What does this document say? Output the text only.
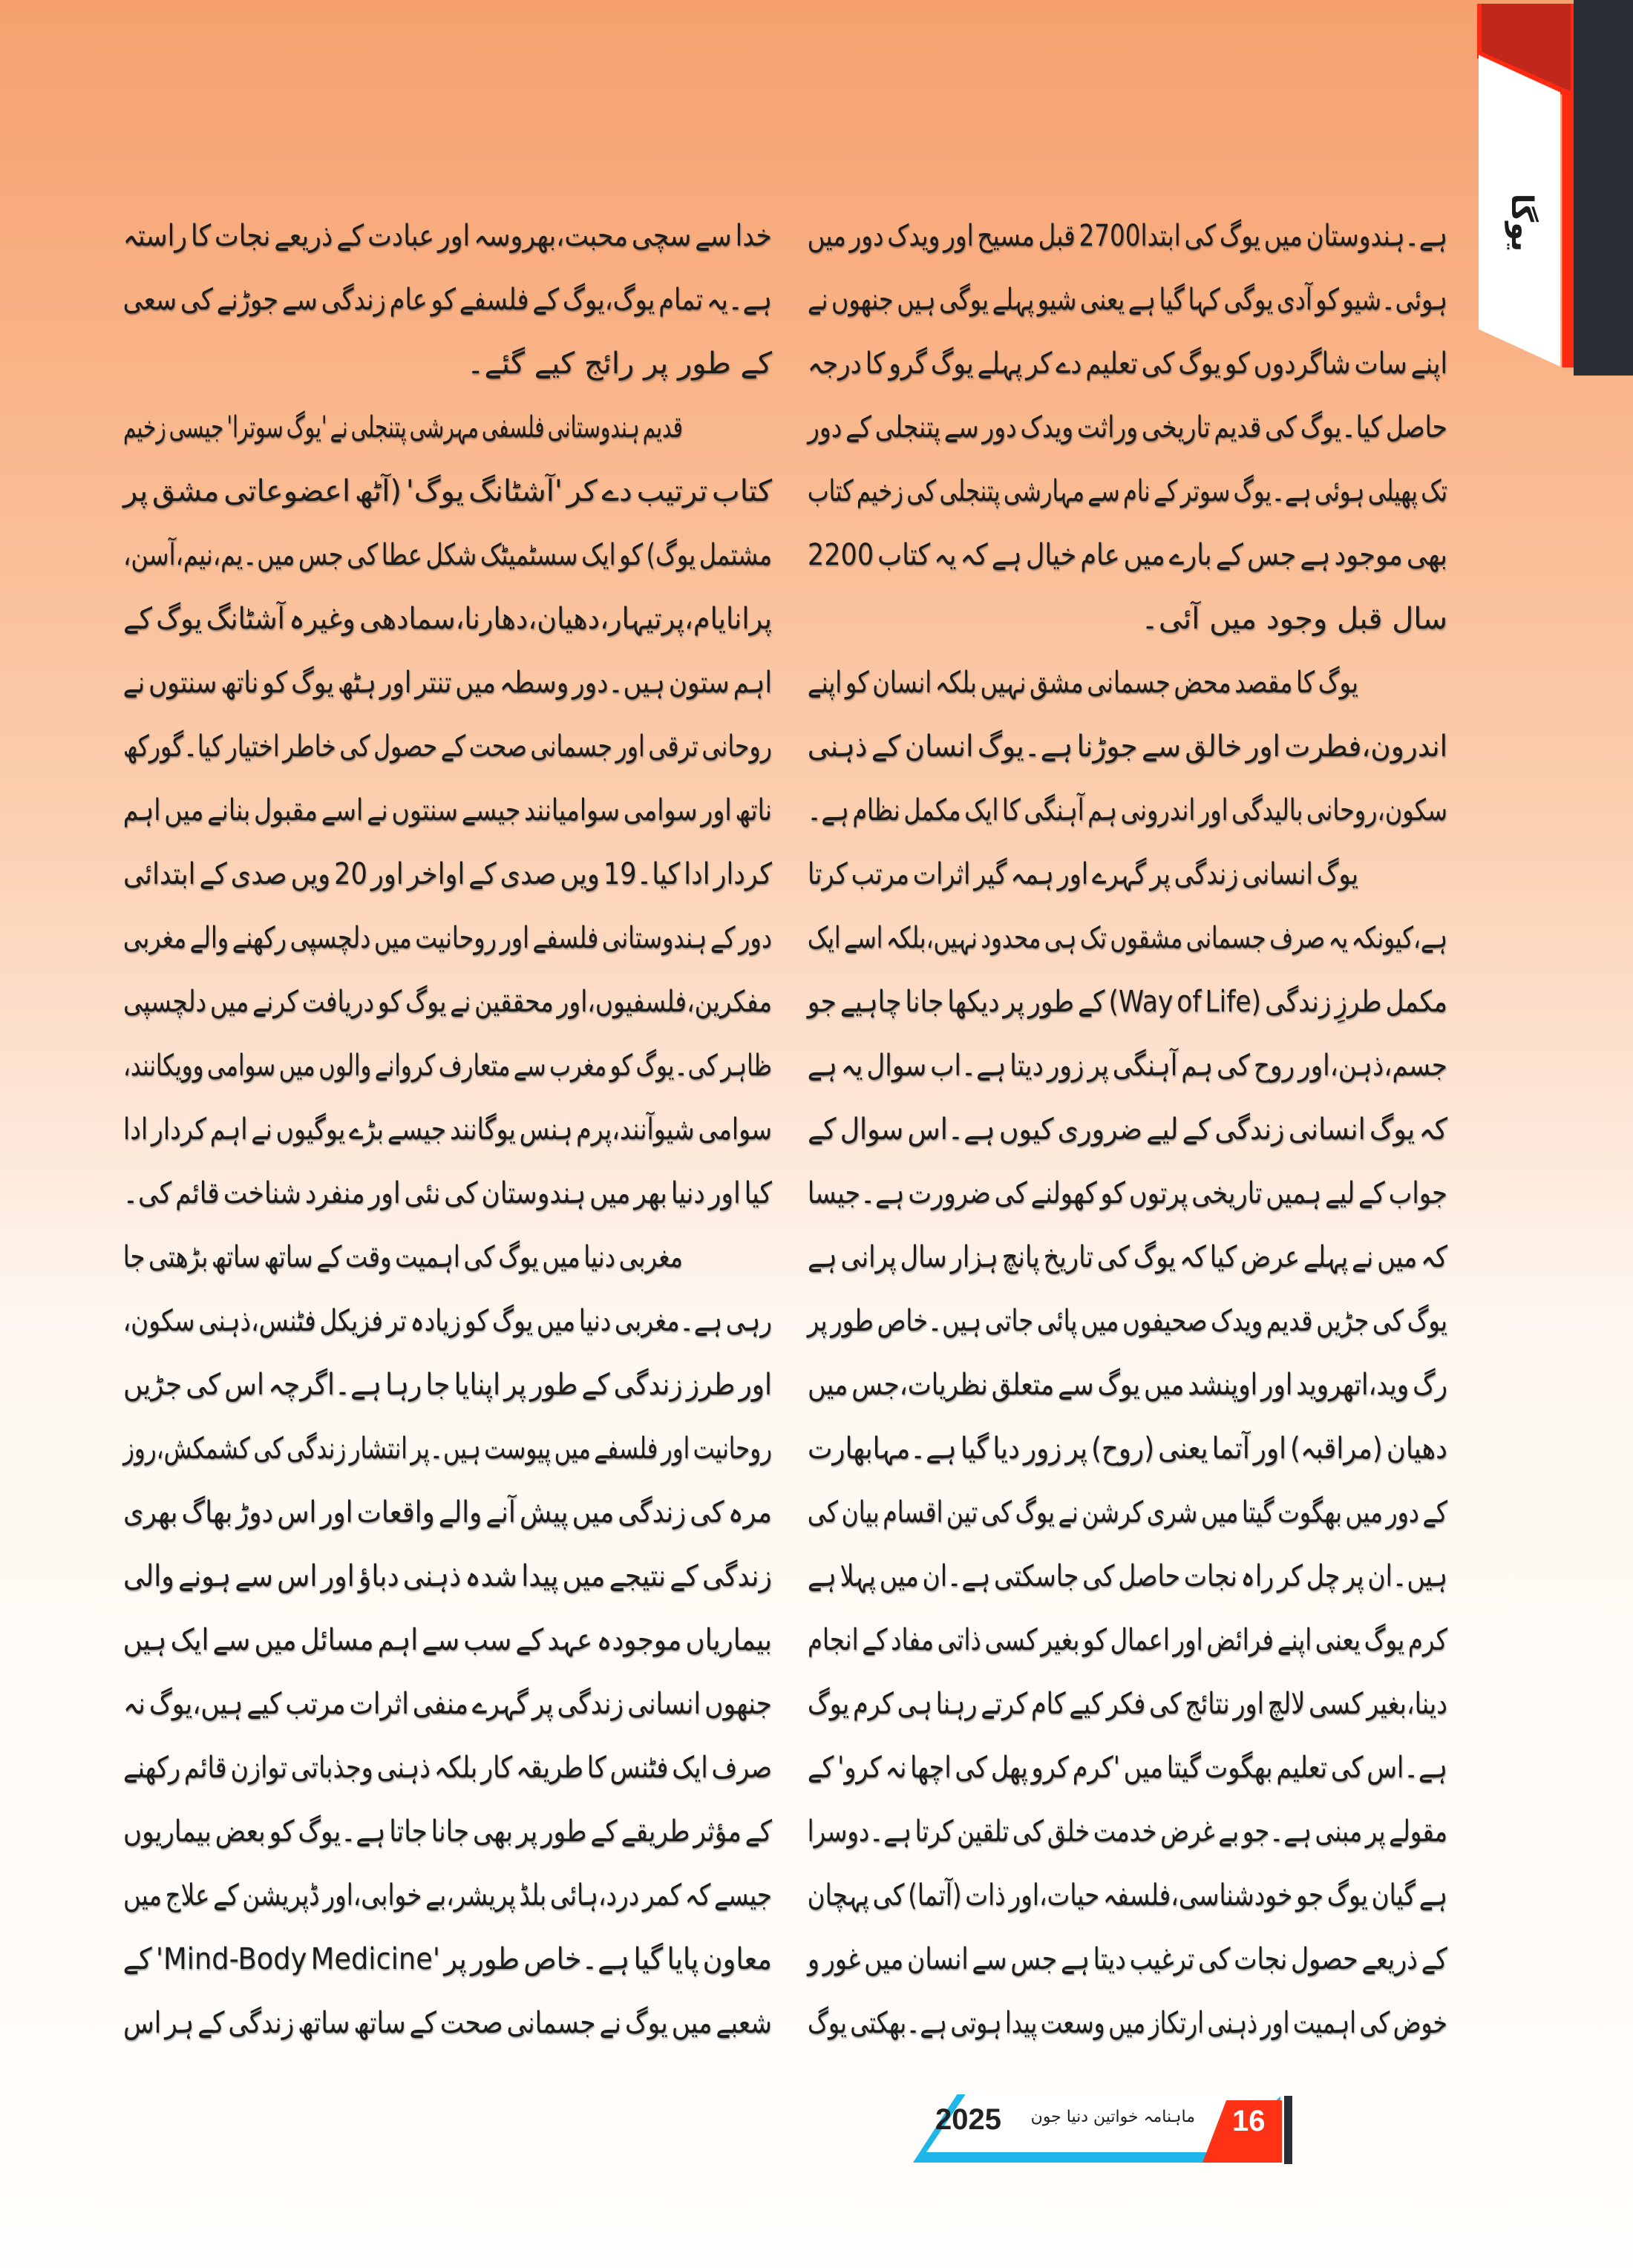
یوگا
ہے۔ہندوستان میں یوگ کی ابتدا2700 قبل مسیح اور ویدک دور میں
ہوئی۔شیو کو آدی یوگی کہا گیا ہے یعنی شیو پہلے یوگی ہیں جنھوں نے
اپنے سات شاگردوں کو یوگ کی تعلیم دے کر پہلے یوگ گرو کا درجہ
حاصل کیا۔یوگ کی قدیم تاریخی وراثت ویدک دور سے پتنجلی کے دور
تک پھیلی ہوئی ہے۔یوگ سوتر کے نام سے مہارشی پتنجلی کی زخیم کتاب
بھی موجود ہے جس کے بارے میں عام خیال ہے کہ یہ کتاب 2200
سال قبل وجود میں آئی۔
یوگ کا مقصد محض جسمانی مشق نہیں بلکہ انسان کو اپنے
اندرون،فطرت اور خالق سے جوڑنا ہے۔یوگ انسان کے ذہنی
سکون،روحانی بالیدگی اور اندرونی ہم آہنگی کا ایک مکمل نظام ہے۔
یوگ انسانی زندگی پر گہرے اور ہمہ گیر اثرات مرتب کرتا
ہے،کیونکہ یہ صرف جسمانی مشقوں تک ہی محدود نہیں،بلکہ اسے ایک
مکمل طرزِ زندگی (Way of Life) کے طور پر دیکھا جانا چاہیے جو
جسم،ذہن،اور روح کی ہم آہنگی پر زور دیتا ہے۔اب سوال یہ ہے
کہ یوگ انسانی زندگی کے لیے ضروری کیوں ہے۔اس سوال کے
جواب کے لیے ہمیں تاریخی پرتوں کو کھولنے کی ضرورت ہے۔جیسا
کہ میں نے پہلے عرض کیا کہ یوگ کی تاریخ پانچ ہزار سال پرانی ہے
یوگ کی جڑیں قدیم ویدک صحیفوں میں پائی جاتی ہیں۔خاص طور پر
رگ وید،اتھروید اور اوپنشد میں یوگ سے متعلق نظریات،جس میں
دھیان (مراقبہ) اور آتما یعنی (روح) پر زور دیا گیا ہے۔مہابھارت
کے دور میں بھگوت گیتا میں شری کرشن نے یوگ کی تین اقسام بیان کی
ہیں۔ان پر چل کر راہ نجات حاصل کی جاسکتی ہے۔ان میں پہلا ہے
کرم یوگ یعنی اپنے فرائض اور اعمال کو بغیر کسی ذاتی مفاد کے انجام
دینا،بغیر کسی لالچ اور نتائج کی فکر کیے کام کرتے رہنا ہی کرم یوگ
ہے۔اس کی تعلیم بھگوت گیتا میں 'کرم کرو پھل کی اچھا نہ کرو' کے
مقولے پر مبنی ہے۔جو بے غرض خدمت خلق کی تلقین کرتا ہے۔دوسرا
ہے گیان یوگ جو خودشناسی،فلسفہ حیات،اور ذات (آتما) کی پہچان
کے ذریعے حصول نجات کی ترغیب دیتا ہے جس سے انسان میں غور و
خوض کی اہمیت اور ذہنی ارتکاز میں وسعت پیدا ہوتی ہے۔بھکتی یوگ
خدا سے سچی محبت،بھروسہ اور عبادت کے ذریعے نجات کا راستہ
ہے۔یہ تمام یوگ،یوگ کے فلسفے کو عام زندگی سے جوڑنے کی سعی
کے طور پر رائج کیے گئے۔
قدیم ہندوستانی فلسفی مہرشی پتنجلی نے 'یوگ سوترا' جیسی زخیم
کتاب ترتیب دے کر 'آشٹانگ یوگ' (آٹھ اعضوعاتی مشق پر
مشتمل یوگ) کو ایک سسٹمیٹک شکل عطا کی جس میں۔یم،نیم،آسن،
پرانایام،پرتیہار،دھیان،دھارنا،سمادھی وغیرہ آشٹانگ یوگ کے
اہم ستون ہیں۔دور وسطہ میں تنتر اور ہٹھ یوگ کو ناتھ سنتوں نے
روحانی ترقی اور جسمانی صحت کے حصول کی خاطر اختیار کیا۔گورکھ
ناتھ اور سوامی سوامیانند جیسے سنتوں نے اسے مقبول بنانے میں اہم
کردار ادا کیا۔19 ویں صدی کے اواخر اور 20 ویں صدی کے ابتدائی
دور کے ہندوستانی فلسفے اور روحانیت میں دلچسپی رکھنے والے مغربی
مفکرین،فلسفیوں،اور محققین نے یوگ کو دریافت کرنے میں دلچسپی
ظاہر کی۔یوگ کو مغرب سے متعارف کروانے والوں میں سوامی وویکانند،
سوامی شیوآنند،پرم ہنس یوگانند جیسے بڑے یوگیوں نے اہم کردار ادا
کیا اور دنیا بھر میں ہندوستان کی نئی اور منفرد شناخت قائم کی۔
مغربی دنیا میں یوگ کی اہمیت وقت کے ساتھ ساتھ بڑھتی جا
رہی ہے۔مغربی دنیا میں یوگ کو زیادہ تر فزیکل فٹنس،ذہنی سکون،
اور طرز زندگی کے طور پر اپنایا جا رہا ہے۔اگرچہ اس کی جڑیں
روحانیت اور فلسفے میں پیوست ہیں۔پر انتشار زندگی کی کشمکش،روز
مرہ کی زندگی میں پیش آنے والے واقعات اور اس دوڑ بھاگ بھری
زندگی کے نتیجے میں پیدا شدہ ذہنی دباؤ اور اس سے ہونے والی
بیماریاں موجودہ عہد کے سب سے اہم مسائل میں سے ایک ہیں
جنھوں انسانی زندگی پر گہرے منفی اثرات مرتب کیے ہیں،یوگ نہ
صرف ایک فٹنس کا طریقہ کار بلکہ ذہنی وجذباتی توازن قائم رکھنے
کے مؤثر طریقے کے طور پر بھی جانا جاتا ہے۔یوگ کو بعض بیماریوں
جیسے کہ کمر درد،ہائی بلڈ پریشر،بے خوابی،اور ڈپریشن کے علاج میں
معاون پایا گیا ہے۔خاص طور پر 'Mind-Body Medicine' کے
شعبے میں یوگ نے جسمانی صحت کے ساتھ ساتھ زندگی کے ہر اس
16
ماہنامہ خواتین دنیا جون
2025
